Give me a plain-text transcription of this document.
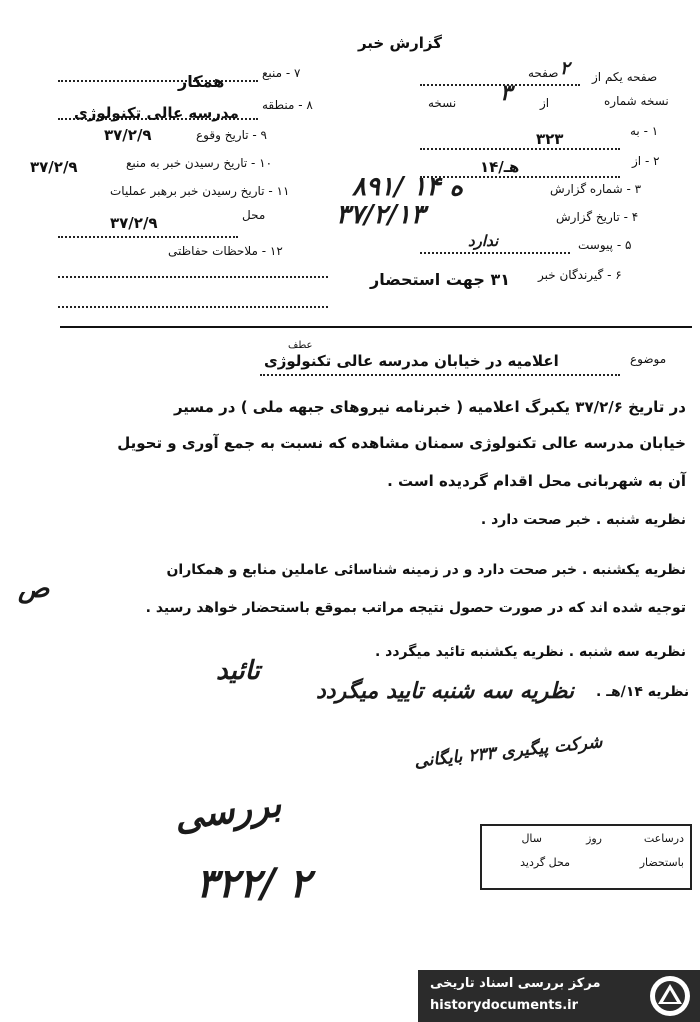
گزارش خبر
۷ - منبع
همکار
۸ - منطقه
مدرسه عالی تکنولوژی
۹ - تاریخ وقوع
۳۷/۲/۹
۱۰ - تاریخ رسیدن خبر به منبع
۳۷/۲/۹
۱۱ - تاریخ رسیدن خبر برهبر عملیات
محل
۳۷/۲/۹
۱۲ - ملاحظات حفاظتی
صفحه یکم از
صفحه ۲
نسخه شماره
از
نسخه ۳
۱ - به
۳۲۳
۲ - از
۱۴/هـ
۳ - شماره گزارش
۸۹۱/ ۱۴ ه
۴ - تاریخ گزارش
۳۷/۲/۱۳
۵ - پیوست
ندارد
۶ - گیرندگان خبر
۳۱ جهت استحضار
موضوع
اعلامیه در خیابان مدرسه عالی تکنولوژی
عطف
در تاریخ ۳۷/۲/۶ یکبرگ اعلامیه ( خبرنامه نیروهای جبهه ملی ) در مسیر
خیابان مدرسه عالی تکنولوژی سمنان مشاهده که نسبت به جمع آوری و تحویل
آن به شهربانی محل اقدام گردیده است .
نظریه شنبه . خبر صحت دارد .
نظریه یکشنبه . خبر صحت دارد و در زمینه شناسائی عاملین منابع و همکاران
توجیه شده اند که در صورت حصول نتیجه مراتب بموقع باستحضار خواهد رسید .
نظریه سه شنبه . نظریه یکشنبه تائید میگردد .
نظریه ۱۴/هـ .
نظریه سه شنبه تایید میگردد
ص
تائید
شرکت پیگیری ۲۳۳ بایگانی
بررسی
۳۲۲/ ۲
درساعت
روز
سال
باستحضار
محل گردید
مرکز بررسی اسناد تاریخی
historydocuments.ir
